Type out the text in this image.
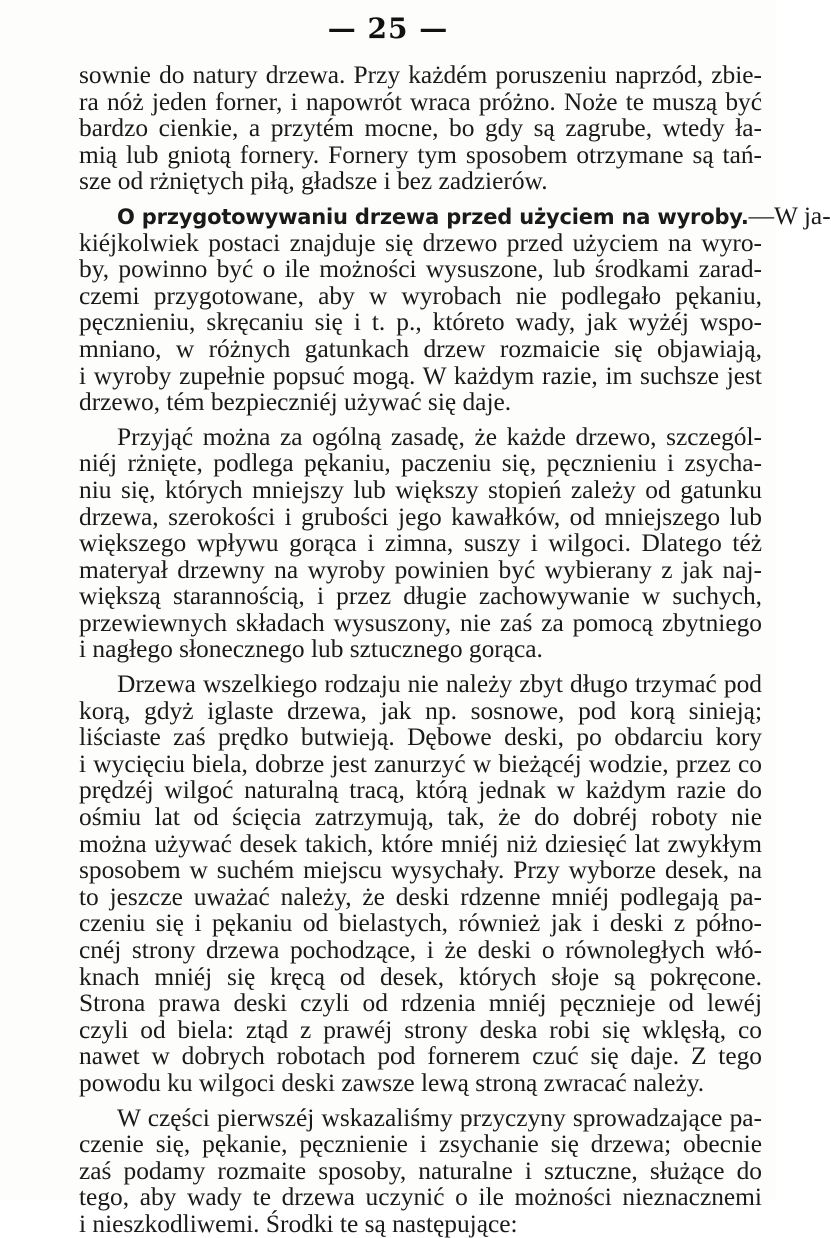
— 25 —
sownie do natury drzewa. Przy każdém poruszeniu naprzód, zbie-
ra nóż jeden forner, i napowrót wraca próżno. Noże te muszą być
bardzo cienkie, a przytém mocne, bo gdy są zagrube, wtedy ła-
mią lub gniotą fornery. Fornery tym sposobem otrzymane są tań-
sze od rżniętych piłą, gładsze i bez zadzierów.
O przygotowywaniu drzewa przed użyciem na wyroby.—W ja-
kiéjkolwiek postaci znajduje się drzewo przed użyciem na wyro-
by, powinno być o ile możności wysuszone, lub środkami zarad-
czemi przygotowane, aby w wyrobach nie podlegało pękaniu,
pęcznieniu, skręcaniu się i t. p., któreto wady, jak wyżéj wspo-
mniano, w różnych gatunkach drzew rozmaicie się objawiają,
i wyroby zupełnie popsuć mogą. W każdym razie, im suchsze jest
drzewo, tém bezpieczniéj używać się daje.
Przyjąć można za ogólną zasadę, że każde drzewo, szczegól-
niéj rżnięte, podlega pękaniu, paczeniu się, pęcznieniu i zsycha-
niu się, których mniejszy lub większy stopień zależy od gatunku
drzewa, szerokości i grubości jego kawałków, od mniejszego lub
większego wpływu gorąca i zimna, suszy i wilgoci. Dlatego téż
materyał drzewny na wyroby powinien być wybierany z jak naj-
większą starannością, i przez długie zachowywanie w suchych,
przewiewnych składach wysuszony, nie zaś za pomocą zbytniego
i nagłego słonecznego lub sztucznego gorąca.
Drzewa wszelkiego rodzaju nie należy zbyt długo trzymać pod
korą, gdyż iglaste drzewa, jak np. sosnowe, pod korą sinieją;
liściaste zaś prędko butwieją. Dębowe deski, po obdarciu kory
i wycięciu biela, dobrze jest zanurzyć w bieżącéj wodzie, przez co
prędzéj wilgoć naturalną tracą, którą jednak w każdym razie do
ośmiu lat od ścięcia zatrzymują, tak, że do dobréj roboty nie
można używać desek takich, które mniéj niż dziesięć lat zwykłym
sposobem w suchém miejscu wysychały. Przy wyborze desek, na
to jeszcze uważać należy, że deski rdzenne mniéj podlegają pa-
czeniu się i pękaniu od bielastych, również jak i deski z półno-
cnéj strony drzewa pochodzące, i że deski o równoległych włó-
knach mniéj się kręcą od desek, których słoje są pokręcone.
Strona prawa deski czyli od rdzenia mniéj pęcznieje od lewéj
czyli od biela: ztąd z prawéj strony deska robi się wklęsłą, co
nawet w dobrych robotach pod fornerem czuć się daje. Z tego
powodu ku wilgoci deski zawsze lewą stroną zwracać należy.
W części pierwszéj wskazaliśmy przyczyny sprowadzające pa-
czenie się, pękanie, pęcznienie i zsychanie się drzewa; obecnie
zaś podamy rozmaite sposoby, naturalne i sztuczne, służące do
tego, aby wady te drzewa uczynić o ile możności nieznacznemi
i nieszkodliwemi. Środki te są następujące:
